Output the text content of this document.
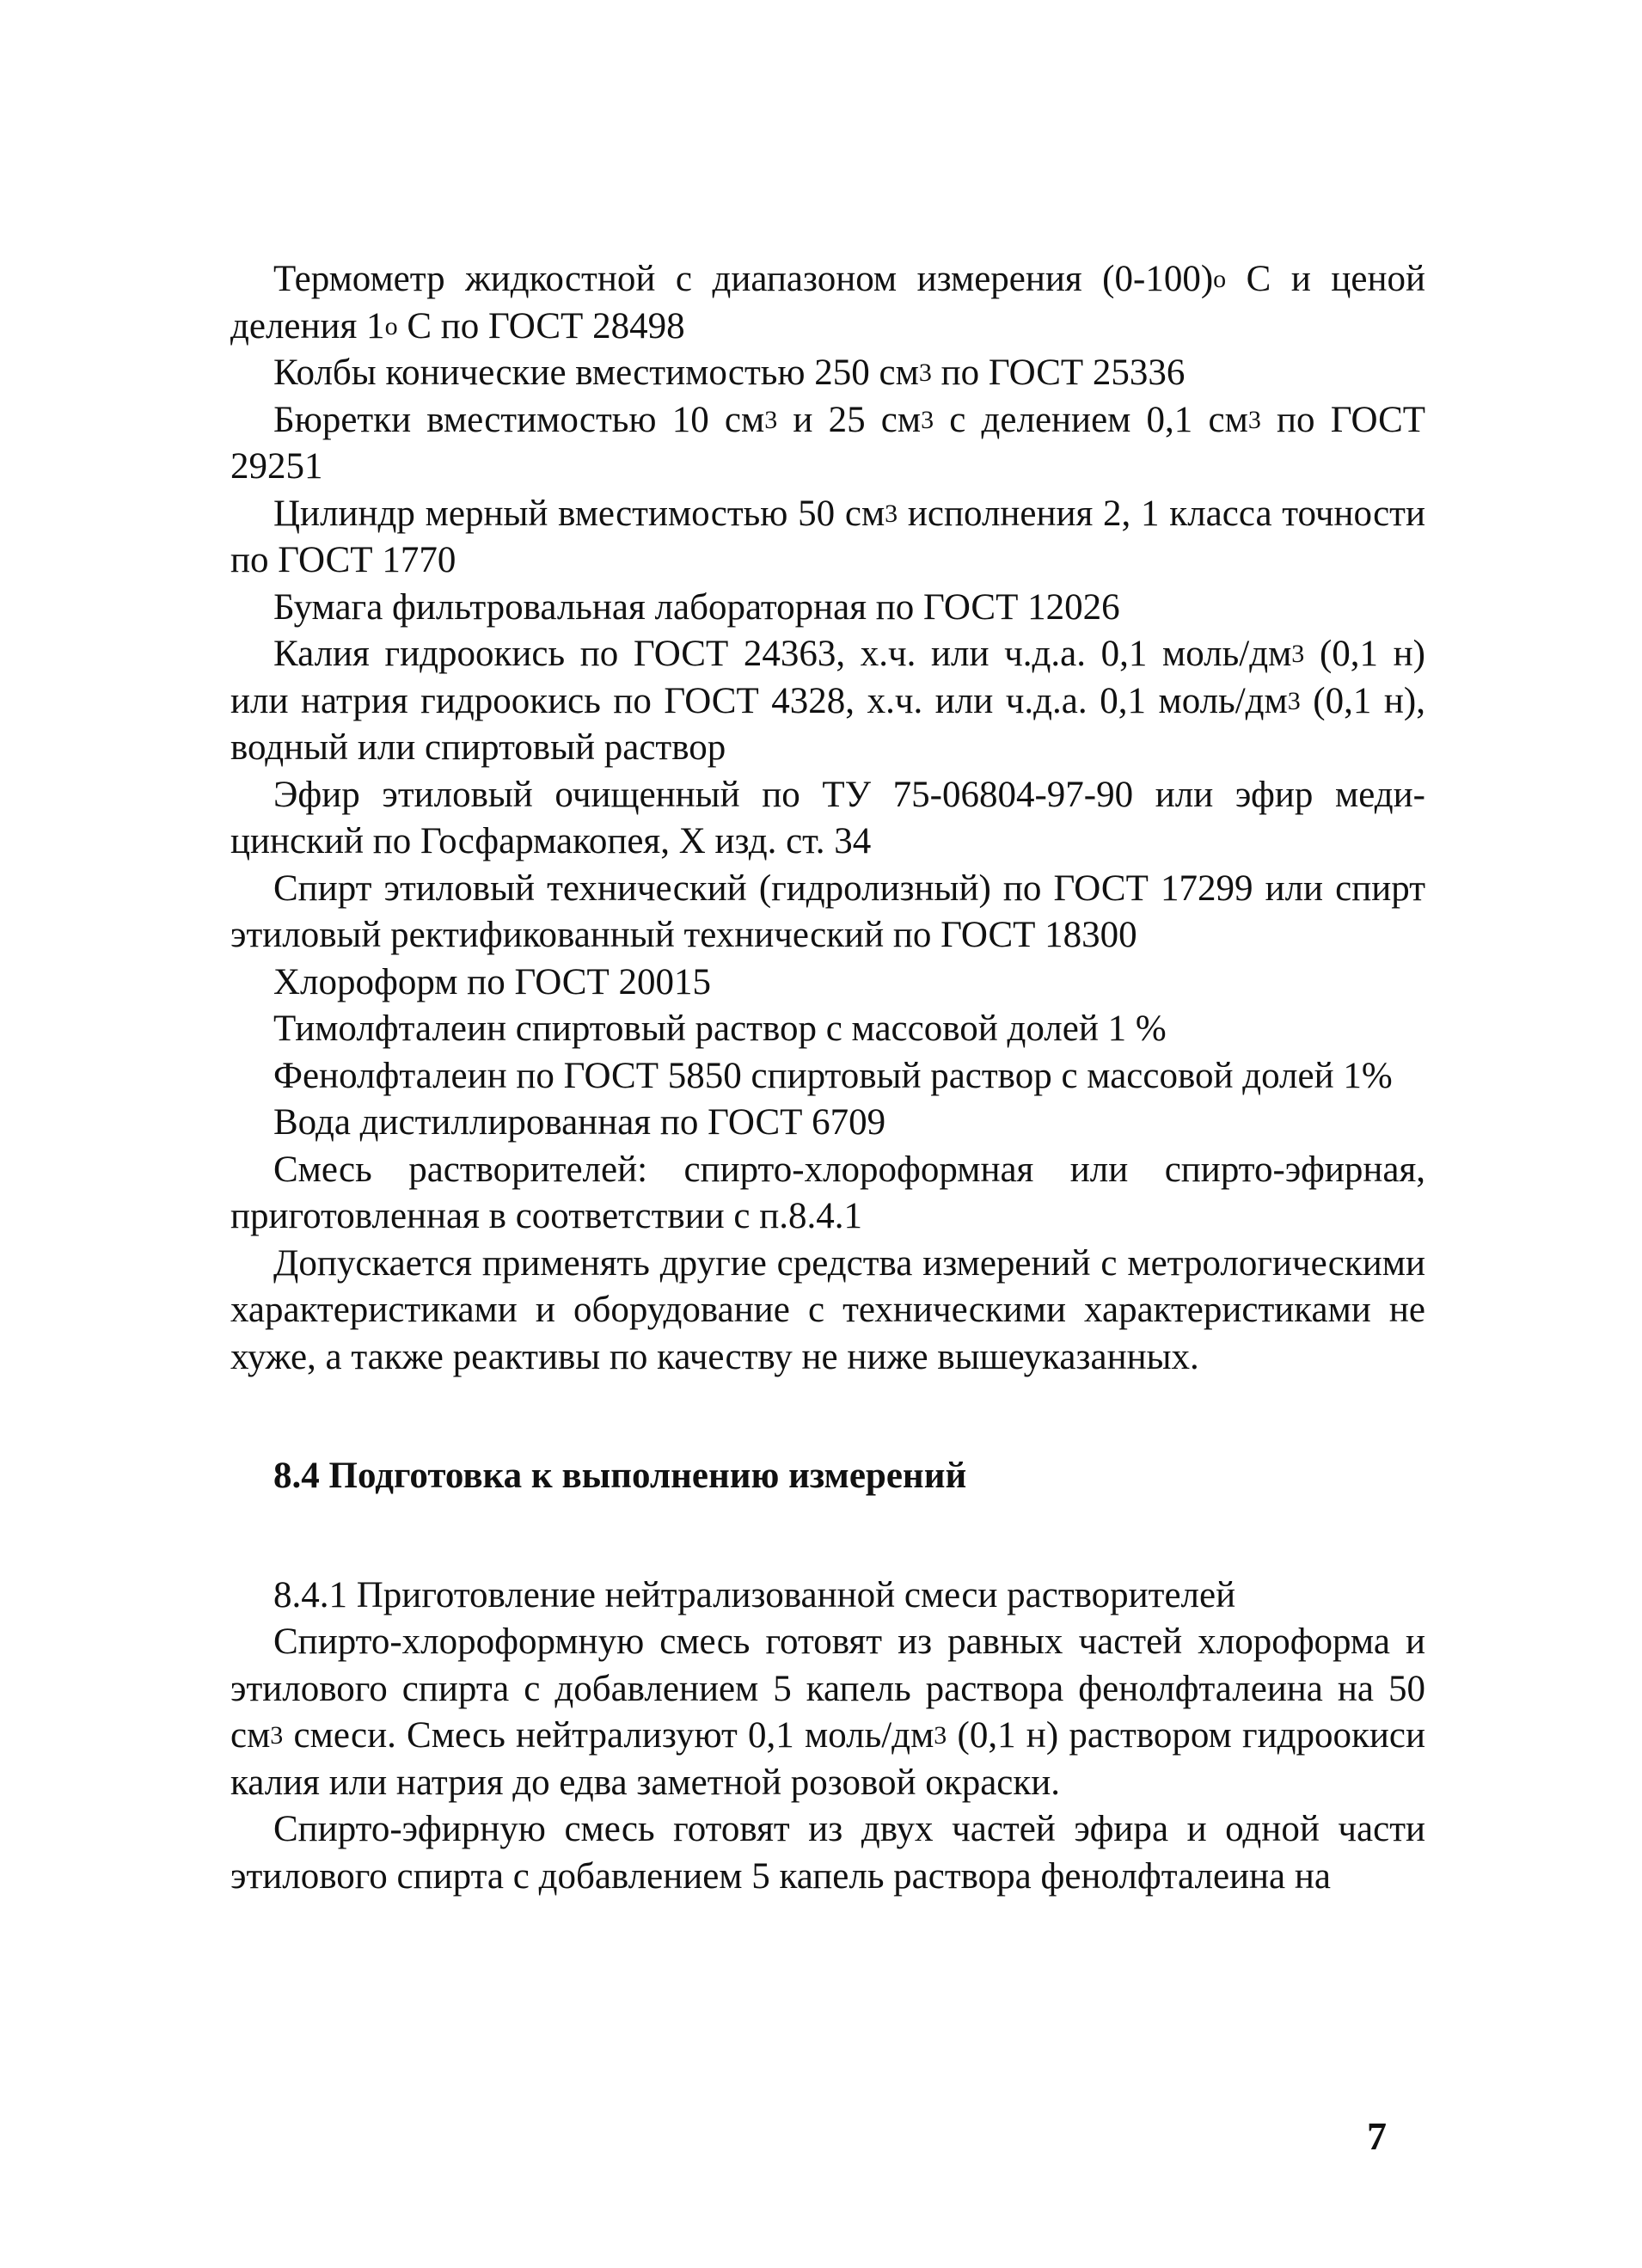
Термометр жидкостной с диапазоном измерения $(0-100)^о$ С и ценой деления $1^о$ С по ГОСТ 28498

Колбы конические вместимостью 250 $см^3$ по ГОСТ 25336

Бюретки вместимостью 10 $см^3$ и 25 $см^3$ с делением 0,1 $см^3$ по ГОСТ 29251

Цилиндр мерный вместимостью 50 $см^3$ исполнения 2, 1 класса точности по ГОСТ 1770

Бумага фильтровальная лабораторная по ГОСТ 12026

Калия гидроокись по ГОСТ 24363, х.ч. или ч.д.а. 0,1 моль/$дм^3$ (0,1 н) или натрия гидроокись по ГОСТ 4328, х.ч. или ч.д.а. 0,1 моль/$дм^3$ (0,1 н), водный или спиртовый раствор

Эфир этиловый очищенный по ТУ 75-06804-97-90 или эфир медицинский по Госфармакопея, X изд. ст. 34

Спирт этиловый технический (гидролизный) по ГОСТ 17299 или спирт этиловый ректификованный технический по ГОСТ 18300

Хлороформ по ГОСТ 20015

Тимолфталеин спиртовый раствор с массовой долей 1 %

Фенолфталеин по ГОСТ 5850 спиртовый раствор с массовой долей 1%

Вода дистиллированная по ГОСТ 6709

Смесь растворителей: спирто-хлороформная или спирто-эфирная, приготовленная в соответствии с п.8.4.1

Допускается применять другие средства измерений с метрологическими характеристиками и оборудование с техническими характеристиками не хуже, а также реактивы по качеству не ниже вышеуказанных.

8.4 Подготовка к выполнению измерений

8.4.1 Приготовление нейтрализованной смеси растворителей

Спирто-хлороформную смесь готовят из равных частей хлороформа и этилового спирта с добавлением 5 капель раствора фенолфталеина на 50 $см^3$ смеси. Смесь нейтрализуют 0,1 моль/$дм^3$ (0,1 н) раствором гидроокиси калия или натрия до едва заметной розовой окраски.

Спирто-эфирную смесь готовят из двух частей эфира и одной части этилового спирта с добавлением 5 капель раствора фенолфталеина на

7
